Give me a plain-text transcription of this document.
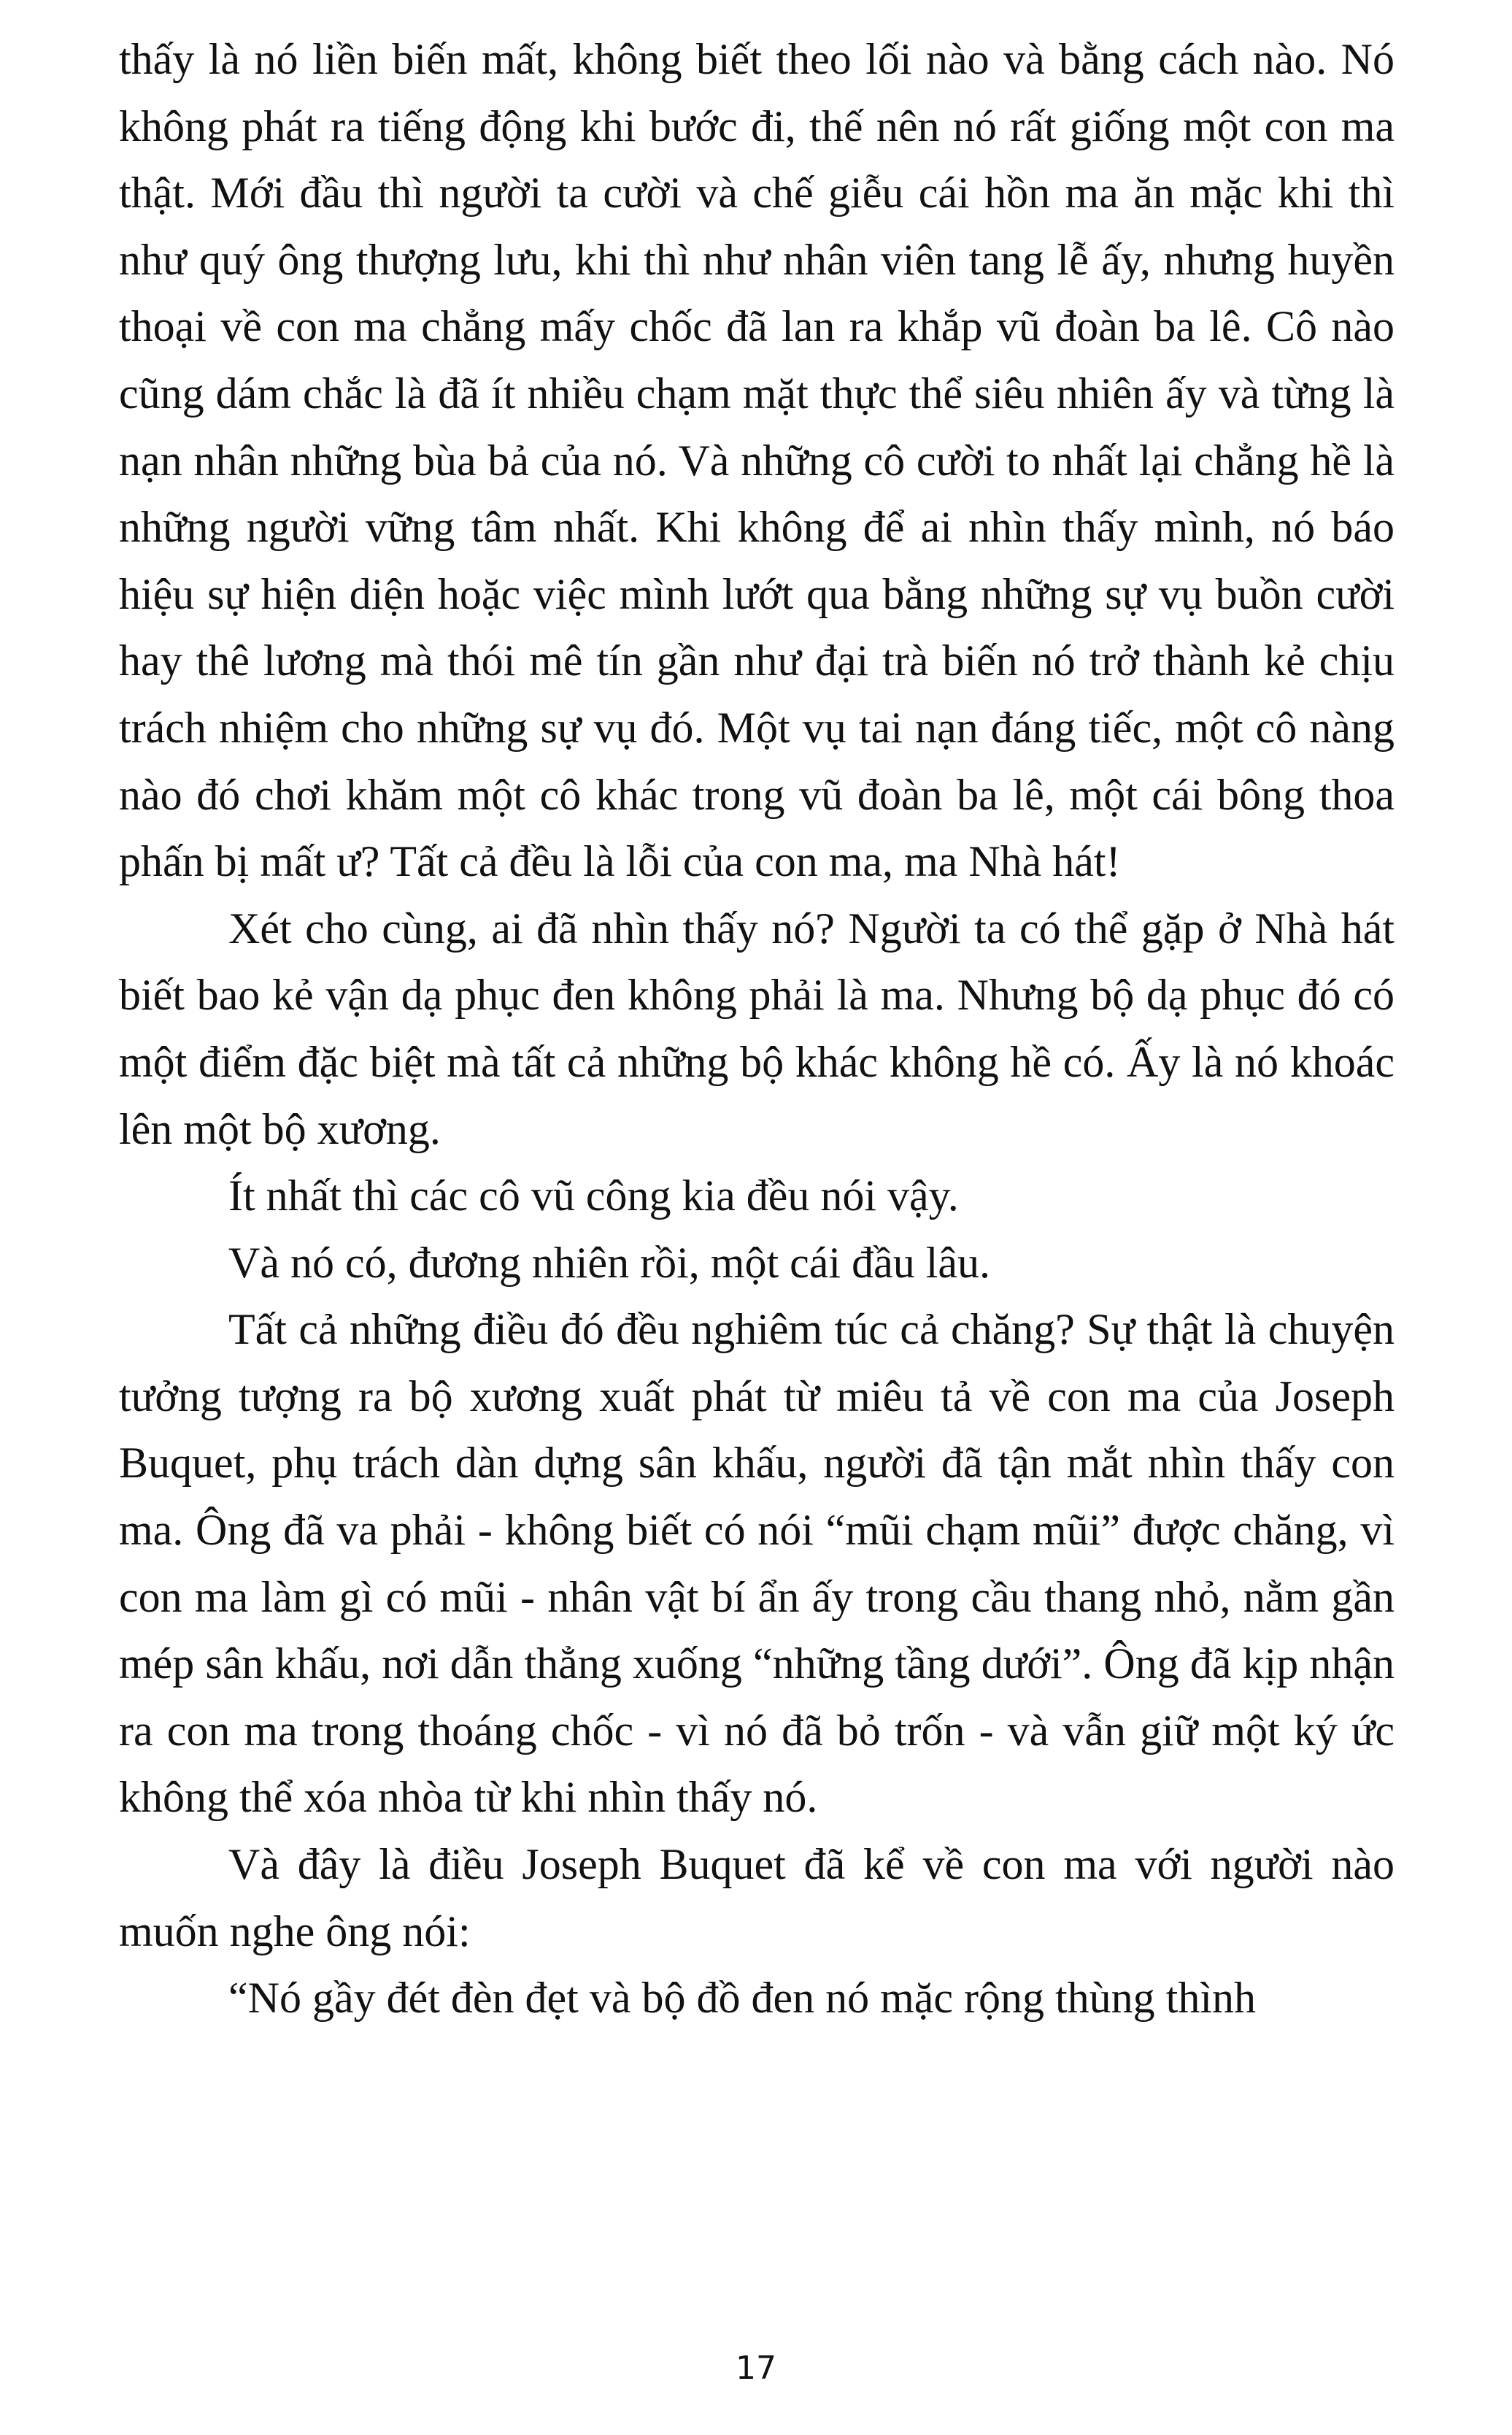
thấy là nó liền biến mất, không biết theo lối nào và bằng cách nào. Nó không phát ra tiếng động khi bước đi, thế nên nó rất giống một con ma thật. Mới đầu thì người ta cười và chế giễu cái hồn ma ăn mặc khi thì như quý ông thượng lưu, khi thì như nhân viên tang lễ ấy, nhưng huyền thoại về con ma chẳng mấy chốc đã lan ra khắp vũ đoàn ba lê. Cô nào cũng dám chắc là đã ít nhiều chạm mặt thực thể siêu nhiên ấy và từng là nạn nhân những bùa bả của nó. Và những cô cười to nhất lại chẳng hề là những người vững tâm nhất. Khi không để ai nhìn thấy mình, nó báo hiệu sự hiện diện hoặc việc mình lướt qua bằng những sự vụ buồn cười hay thê lương mà thói mê tín gần như đại trà biến nó trở thành kẻ chịu trách nhiệm cho những sự vụ đó. Một vụ tai nạn đáng tiếc, một cô nàng nào đó chơi khăm một cô khác trong vũ đoàn ba lê, một cái bông thoa phấn bị mất ư? Tất cả đều là lỗi của con ma, ma Nhà hát!

Xét cho cùng, ai đã nhìn thấy nó? Người ta có thể gặp ở Nhà hát biết bao kẻ vận dạ phục đen không phải là ma. Nhưng bộ dạ phục đó có một điểm đặc biệt mà tất cả những bộ khác không hề có. Ấy là nó khoác lên một bộ xương.

Ít nhất thì các cô vũ công kia đều nói vậy.

Và nó có, đương nhiên rồi, một cái đầu lâu.

Tất cả những điều đó đều nghiêm túc cả chăng? Sự thật là chuyện tưởng tượng ra bộ xương xuất phát từ miêu tả về con ma của Joseph Buquet, phụ trách dàn dựng sân khấu, người đã tận mắt nhìn thấy con ma. Ông đã va phải - không biết có nói “mũi chạm mũi” được chăng, vì con ma làm gì có mũi - nhân vật bí ẩn ấy trong cầu thang nhỏ, nằm gần mép sân khấu, nơi dẫn thẳng xuống “những tầng dưới”. Ông đã kịp nhận ra con ma trong thoáng chốc - vì nó đã bỏ trốn - và vẫn giữ một ký ức không thể xóa nhòa từ khi nhìn thấy nó.

Và đây là điều Joseph Buquet đã kể về con ma với người nào muốn nghe ông nói:

“Nó gầy đét đèn đẹt và bộ đồ đen nó mặc rộng thùng thình

17
